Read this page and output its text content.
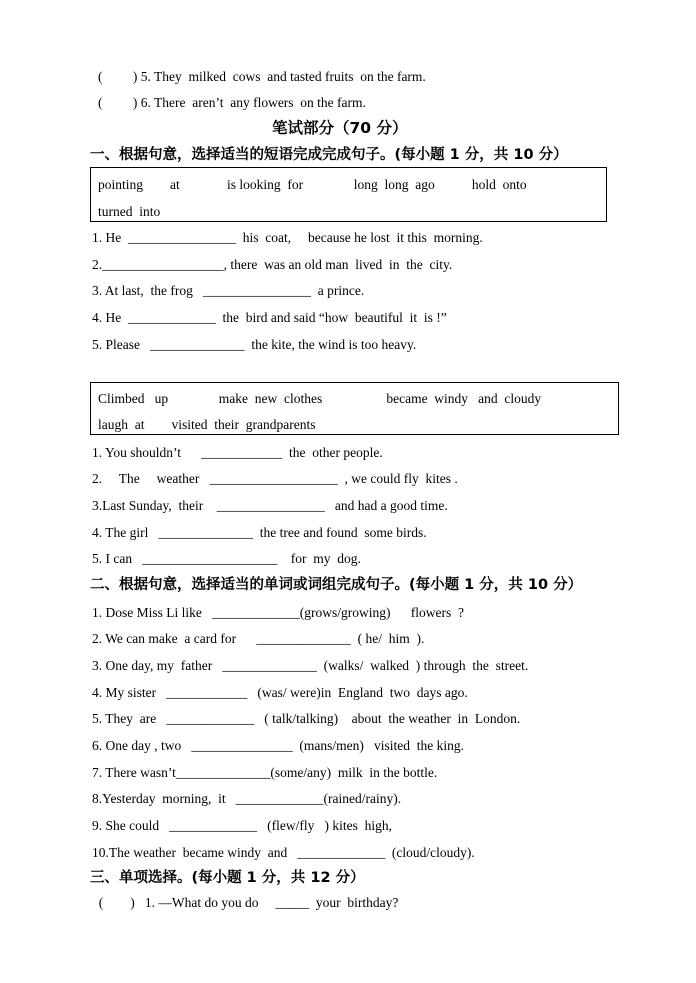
(         ) 5. They  milked  cows  and tasted fruits  on the farm.
(         ) 6. There  aren’t  any flowers  on the farm.
笔试部分（70 分）
一、根据句意，选择适当的短语完成完成句子。(每小题 1 分，共 10 分）
pointing        at              is looking  for               long  long  ago           hold  onto
turned  into
1. He  ________________  his  coat,     because he lost  it this  morning.
2.__________________, there  was an old man  lived  in  the  city.
3. At last,  the frog   ________________  a prince.
4. He  _____________  the  bird and said “how  beautiful  it  is !”
5. Please   ______________  the kite, the wind is too heavy.
Climbed   up               make  new  clothes                   became  windy   and  cloudy
laugh  at        visited  their  grandparents
1. You shouldn’t      ____________  the  other people.
2.     The     weather   ___________________  , we could fly  kites .
3.Last Sunday,  their    ________________   and had a good time.
4. The girl   ______________  the tree and found  some birds.
5. I can   ____________________    for  my  dog.
二、根据句意，选择适当的单词或词组完成句子。(每小题 1 分，共 10 分）
1. Dose Miss Li like   _____________(grows/growing)      flowers  ?
2. We can make  a card for      ______________  ( he/  him  ).
3. One day, my  father   ______________  (walks/  walked  ) through  the  street.
4. My sister   ____________   (was/ were)in  England  two  days ago.
5. They  are   _____________   ( talk/talking)    about  the weather  in  London.
6. One day , two   _______________  (mans/men)   visited  the king.
7. There wasn’t______________(some/any)  milk  in the bottle.
8.Yesterday  morning,  it   _____________(rained/rainy).
9. She could   _____________   (flew/fly   ) kites  high,
10.The weather  became windy  and   _____________  (cloud/cloudy).
三、单项选择。(每小题 1 分，共 12 分）
(        )   1. —What do you do     _____  your  birthday?
